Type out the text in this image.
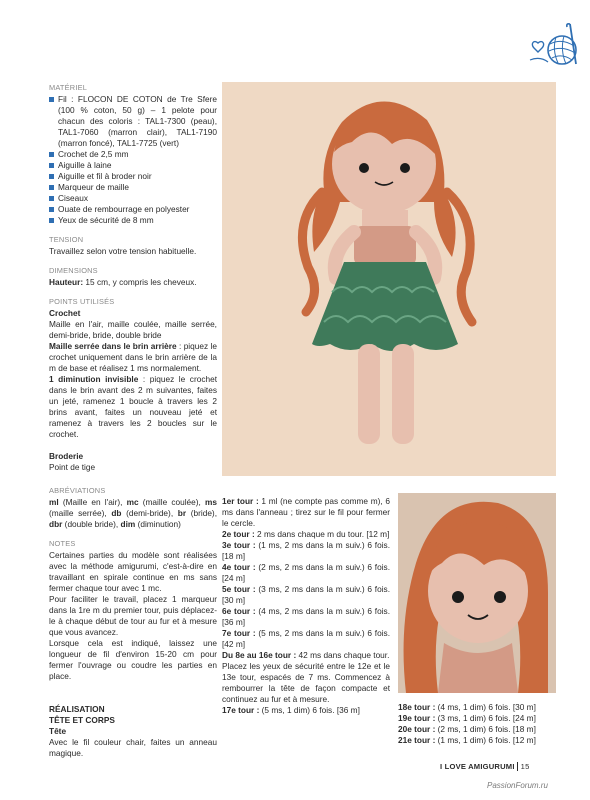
MATÉRIEL
Fil : FLOCON DE COTON de Tre Sfere (100 % coton, 50 g) – 1 pelote pour chacun des coloris : TAL1-7300 (peau), TAL1-7060 (marron clair), TAL1-7190 (marron foncé), TAL1-7725 (vert)
Crochet de 2,5 mm
Aiguille à laine
Aiguille et fil à broder noir
Marqueur de maille
Ciseaux
Ouate de rembourrage en polyester
Yeux de sécurité de 8 mm
TENSION
Travaillez selon votre tension habituelle.
DIMENSIONS
Hauteur: 15 cm, y compris les cheveux.
POINTS UTILISÉS
Crochet
Maille en l'air, maille coulée, maille serrée, demi-bride, bride, double bride
Maille serrée dans le brin arrière : piquez le crochet uniquement dans le brin arrière de la m de base et réalisez 1 ms normalement.
1 diminution invisible : piquez le crochet dans le brin avant des 2 m suivantes, faites un jeté, ramenez 1 boucle à travers les 2 brins avant, faites un nouveau jeté et ramenez à travers les 2 boucles sur le crochet.
Broderie
Point de tige
ABRÉVIATIONS
ml (Maille en l'air), mc (maille coulée), ms (maille serrée), db (demi-bride), br (bride), dbr (double bride), dim (diminution)
NOTES
Certaines parties du modèle sont réalisées avec la méthode amigurumi, c'est-à-dire en travaillant en spirale continue en ms sans fermer chaque tour avec 1 mc.
Pour faciliter le travail, placez 1 marqueur dans la 1re m du premier tour, puis déplacez-le à chaque début de tour au fur et à mesure que vous avancez.
Lorsque cela est indiqué, laissez une longueur de fil d'environ 15-20 cm pour fermer l'ouvrage ou coudre les parties en place.
RÉALISATION
TÊTE ET CORPS
Tête
Avec le fil couleur chair, faites un anneau magique.
1er tour : 1 ml (ne compte pas comme m), 6 ms dans l'anneau ; tirez sur le fil pour fermer le cercle.
2e tour : 2 ms dans chaque m du tour. [12 m]
3e tour : (1 ms, 2 ms dans la m suiv.) 6 fois. [18 m]
4e tour : (2 ms, 2 ms dans la m suiv.) 6 fois. [24 m]
5e tour : (3 ms, 2 ms dans la m suiv.) 6 fois. [30 m]
6e tour : (4 ms, 2 ms dans la m suiv.) 6 fois. [36 m]
7e tour : (5 ms, 2 ms dans la m suiv.) 6 fois. [42 m]
Du 8e au 16e tour : 42 ms dans chaque tour.
Placez les yeux de sécurité entre le 12e et le 13e tour, espacés de 7 ms. Commencez à rembourrer la tête de façon compacte et continuez au fur et à mesure.
17e tour : (5 ms, 1 dim) 6 fois. [36 m]	18e tour : (4 ms, 1 dim) 6 fois. [30 m]
19e tour : (3 ms, 1 dim) 6 fois. [24 m]
20e tour : (2 ms, 1 dim) 6 fois. [18 m]
21e tour : (1 ms, 1 dim) 6 fois. [12 m]
I LOVE AMIGURUMI 15
PassionForum.ru
